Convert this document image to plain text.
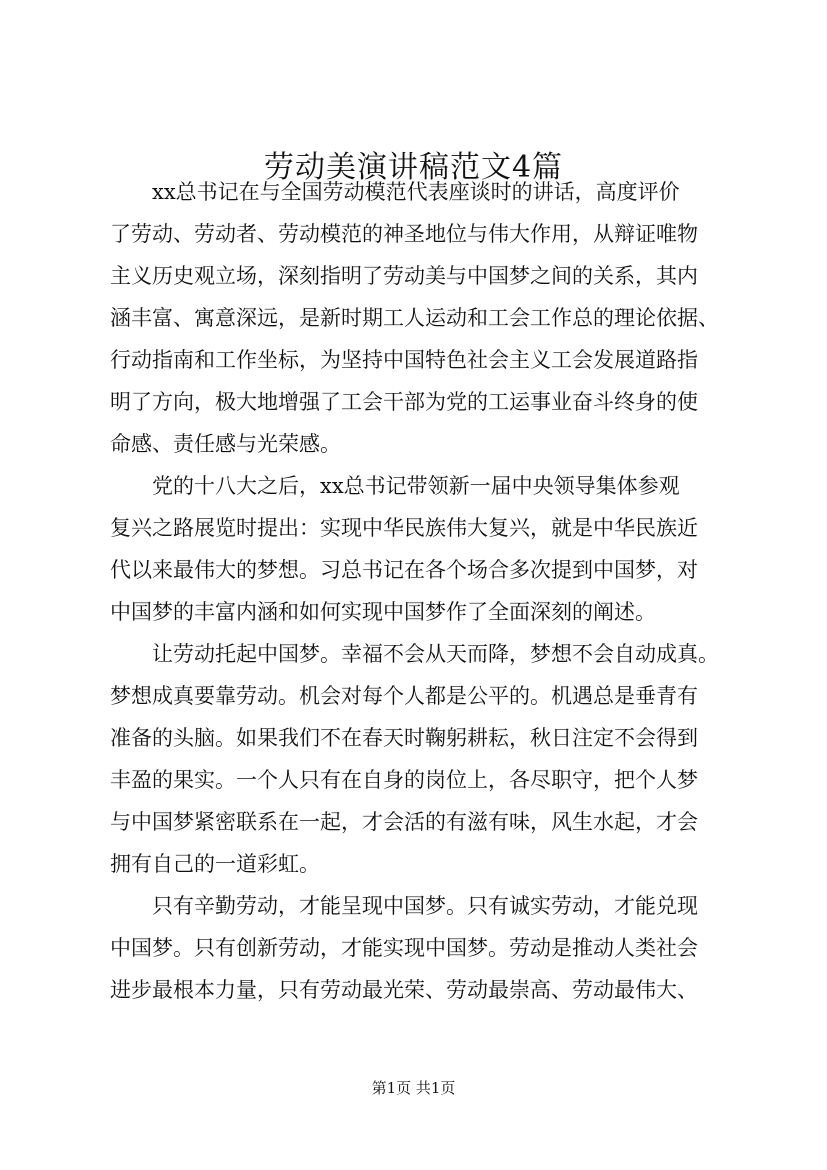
劳动美演讲稿范文4篇
xx总书记在与全国劳动模范代表座谈时的讲话，高度评价
了劳动、劳动者、劳动模范的神圣地位与伟大作用，从辩证唯物
主义历史观立场，深刻指明了劳动美与中国梦之间的关系，其内
涵丰富、寓意深远，是新时期工人运动和工会工作总的理论依据、
行动指南和工作坐标，为坚持中国特色社会主义工会发展道路指
明了方向，极大地增强了工会干部为党的工运事业奋斗终身的使
命感、责任感与光荣感。
党的十八大之后，xx总书记带领新一届中央领导集体参观
复兴之路展览时提出：实现中华民族伟大复兴，就是中华民族近
代以来最伟大的梦想。习总书记在各个场合多次提到中国梦，对
中国梦的丰富内涵和如何实现中国梦作了全面深刻的阐述。
让劳动托起中国梦。幸福不会从天而降，梦想不会自动成真。
梦想成真要靠劳动。机会对每个人都是公平的。机遇总是垂青有
准备的头脑。如果我们不在春天时鞠躬耕耘，秋日注定不会得到
丰盈的果实。一个人只有在自身的岗位上，各尽职守，把个人梦
与中国梦紧密联系在一起，才会活的有滋有味，风生水起，才会
拥有自己的一道彩虹。
只有辛勤劳动，才能呈现中国梦。只有诚实劳动，才能兑现
中国梦。只有创新劳动，才能实现中国梦。劳动是推动人类社会
进步最根本力量，只有劳动最光荣、劳动最崇高、劳动最伟大、
第1页 共1页
